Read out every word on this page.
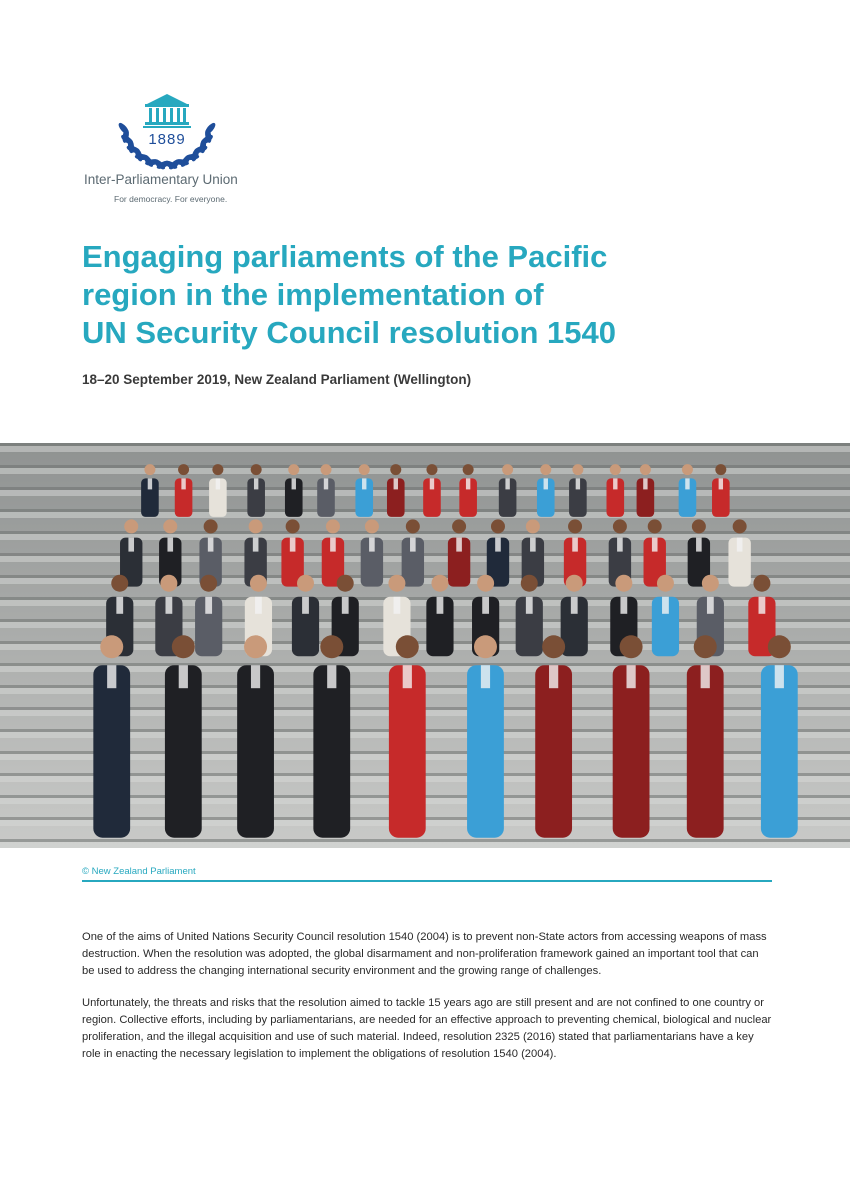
1889
Inter-Parliamentary Union
For democracy. For everyone.
Engaging parliaments of the Pacific
region in the implementation of
UN Security Council resolution 1540
18–20 September 2019, New Zealand Parliament (Wellington)
© New Zealand Parliament

One of the aims of United Nations Security Council resolution 1540 (2004) is to prevent non-State actors from accessing weapons of mass destruction. When the resolution was adopted, the global disarmament and non-proliferation framework gained an important tool that can be used to address the changing international security environment and the growing range of challenges.

Unfortunately, the threats and risks that the resolution aimed to tackle 15 years ago are still present and are not confined to one country or region. Collective efforts, including by parliamentarians, are needed for an effective approach to preventing chemical, biological and nuclear proliferation, and the illegal acquisition and use of such material. Indeed, resolution 2325 (2016) stated that parliamentarians have a key role in enacting the necessary legislation to implement the obligations of resolution 1540 (2004).
